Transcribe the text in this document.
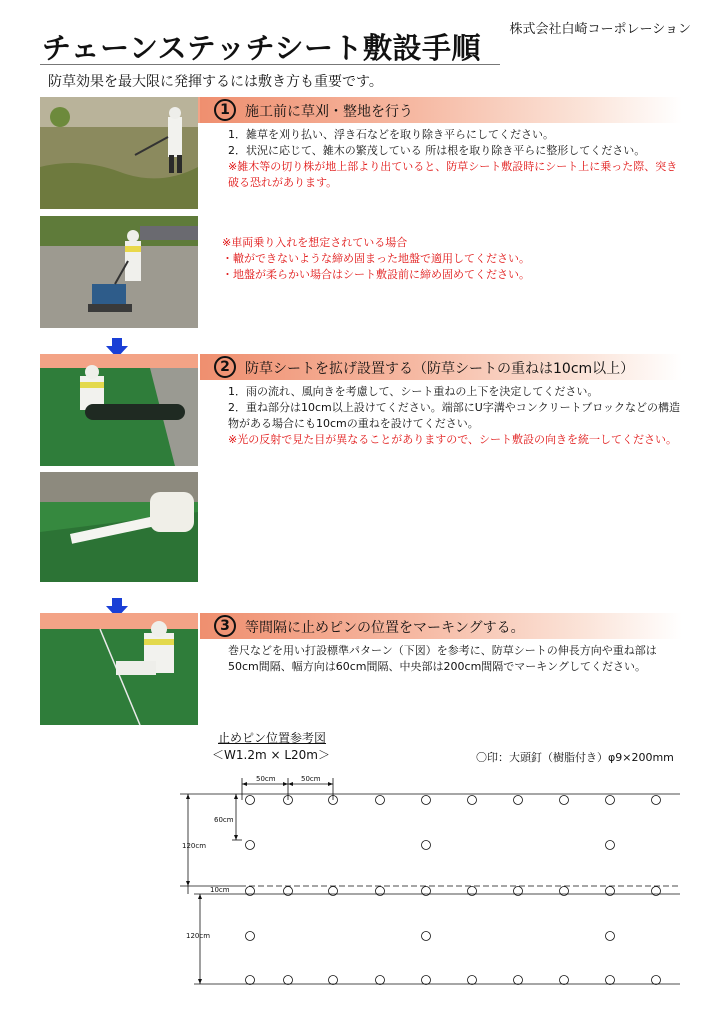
株式会社白崎コーポレーション
チェーンステッチシート敷設手順
防草効果を最大限に発揮するには敷き方も重要です。
1	施工前に草刈・整地を行う
1．雑草を刈り払い、浮き石などを取り除き平らにしてください。
2．状況に応じて、雑木の繁茂している 所は根を取り除き平らに整形してください。
※雑木等の切り株が地上部より出ていると、防草シート敷設時にシート上に乗った際、突き
破る恐れがあります。
※車両乗り入れを想定されている場合
・轍ができないような締め固まった地盤で適用してください。
・地盤が柔らかい場合はシート敷設前に締め固めてください。
2	防草シートを拡げ設置する（防草シートの重ねは10cm以上）
1．雨の流れ、風向きを考慮して、シート重ねの上下を決定してください。
2．重ね部分は10cm以上設けてください。端部にU字溝やコンクリートブロックなどの構造
物がある場合にも10cmの重ねを設けてください。
※光の反射で見た目が異なることがありますので、シート敷設の向きを統一してください。
3	等間隔に止めピンの位置をマーキングする。
巻尺などを用い打設標準パターン（下図）を参考に、防草シートの伸長方向や重ね部は
50cm間隔、幅方向は60cm間隔、中央部は200cm間隔でマーキングしてください。
止めピン位置参考図
＜W1.2m × L20m＞	〇印：大頭釘（樹脂付き）φ9×200mm
50cm	50cm
60cm
120cm
10cm
120cm
